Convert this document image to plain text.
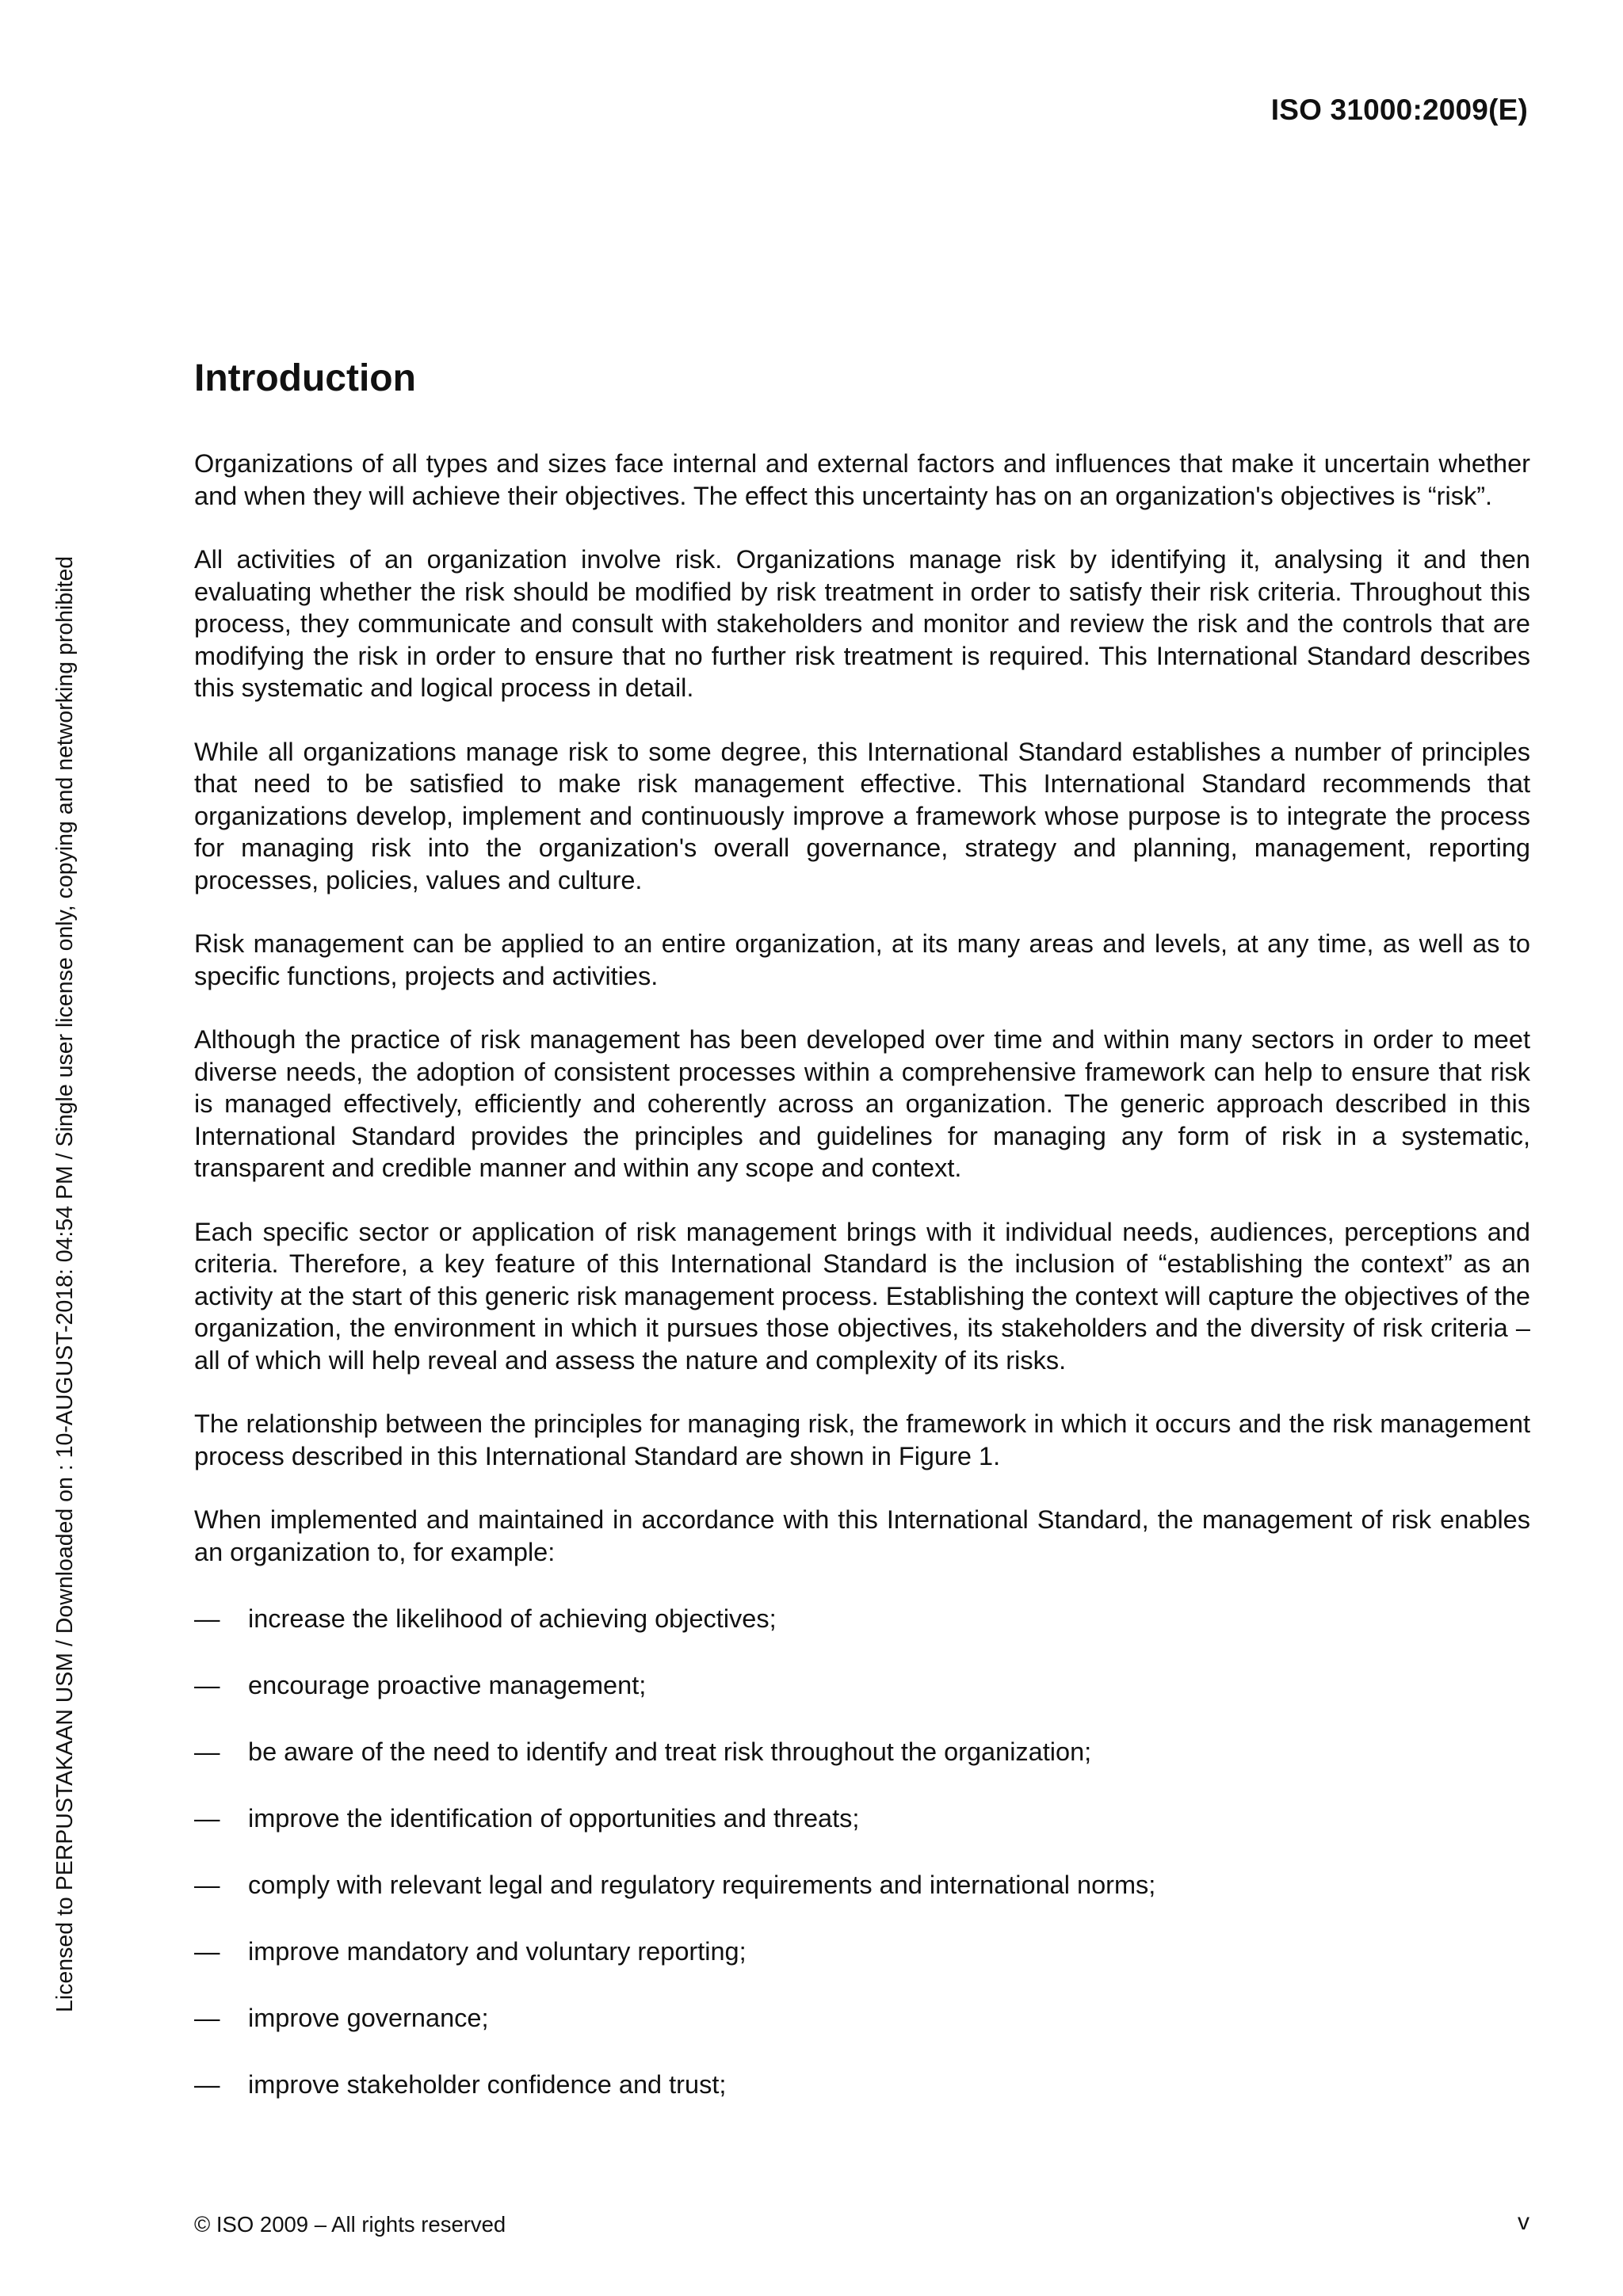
ISO 31000:2009(E)
Licensed to PERPUSTAKAAN USM / Downloaded on : 10-AUGUST-2018: 04:54 PM / Single user license only, copying and networking prohibited
Introduction

Organizations of all types and sizes face internal and external factors and influences that make it uncertain whether and when they will achieve their objectives. The effect this uncertainty has on an organization's objectives is “risk”.

All activities of an organization involve risk. Organizations manage risk by identifying it, analysing it and then evaluating whether the risk should be modified by risk treatment in order to satisfy their risk criteria. Throughout this process, they communicate and consult with stakeholders and monitor and review the risk and the controls that are modifying the risk in order to ensure that no further risk treatment is required. This International Standard describes this systematic and logical process in detail.

While all organizations manage risk to some degree, this International Standard establishes a number of principles that need to be satisfied to make risk management effective. This International Standard recommends that organizations develop, implement and continuously improve a framework whose purpose is to integrate the process for managing risk into the organization's overall governance, strategy and planning, management, reporting processes, policies, values and culture.

Risk management can be applied to an entire organization, at its many areas and levels, at any time, as well as to specific functions, projects and activities.

Although the practice of risk management has been developed over time and within many sectors in order to meet diverse needs, the adoption of consistent processes within a comprehensive framework can help to ensure that risk is managed effectively, efficiently and coherently across an organization. The generic approach described in this International Standard provides the principles and guidelines for managing any form of risk in a systematic, transparent and credible manner and within any scope and context.

Each specific sector or application of risk management brings with it individual needs, audiences, perceptions and criteria. Therefore, a key feature of this International Standard is the inclusion of “establishing the context” as an activity at the start of this generic risk management process. Establishing the context will capture the objectives of the organization, the environment in which it pursues those objectives, its stakeholders and the diversity of risk criteria – all of which will help reveal and assess the nature and complexity of its risks.

The relationship between the principles for managing risk, the framework in which it occurs and the risk management process described in this International Standard are shown in Figure 1.

When implemented and maintained in accordance with this International Standard, the management of risk enables an organization to, for example:

—	increase the likelihood of achieving objectives;
—	encourage proactive management;
—	be aware of the need to identify and treat risk throughout the organization;
—	improve the identification of opportunities and threats;
—	comply with relevant legal and regulatory requirements and international norms;
—	improve mandatory and voluntary reporting;
—	improve governance;
—	improve stakeholder confidence and trust;
© ISO 2009 – All rights reserved	v
